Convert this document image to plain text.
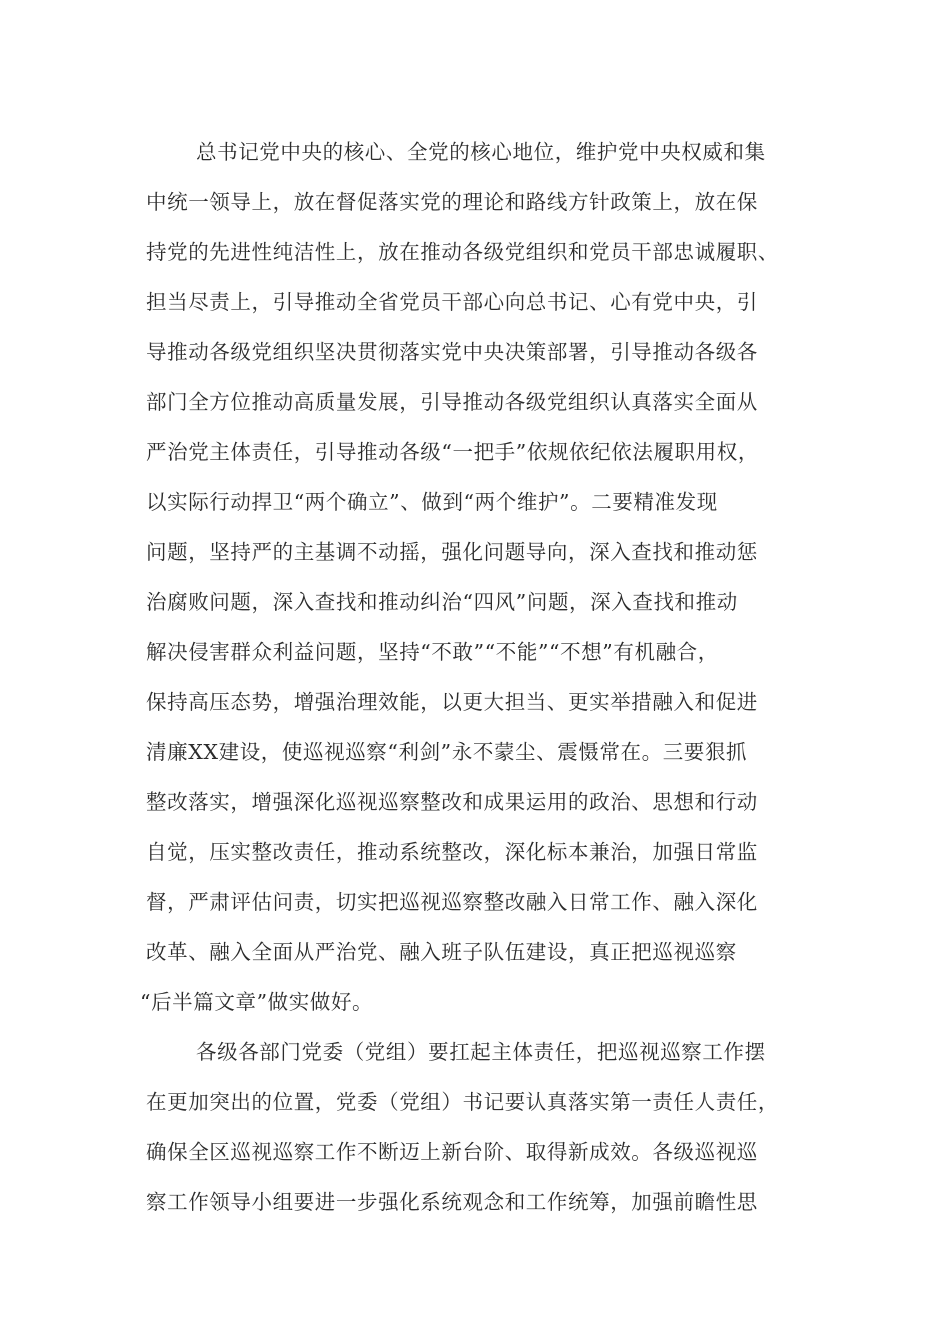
总书记党中央的核心、全党的核心地位，维护党中央权威和集
中统一领导上，放在督促落实党的理论和路线方针政策上，放在保
持党的先进性纯洁性上，放在推动各级党组织和党员干部忠诚履职、
担当尽责上，引导推动全省党员干部心向总书记、心有党中央，引
导推动各级党组织坚决贯彻落实党中央决策部署，引导推动各级各
部门全方位推动高质量发展，引导推动各级党组织认真落实全面从
严治党主体责任，引导推动各级“一把手”依规依纪依法履职用权，
以实际行动捍卫“两个确立”、做到“两个维护”。二要精准发现
问题，坚持严的主基调不动摇，强化问题导向，深入查找和推动惩
治腐败问题，深入查找和推动纠治“四风”问题，深入查找和推动
解决侵害群众利益问题，坚持“不敢”“不能”“不想”有机融合，
保持高压态势，增强治理效能，以更大担当、更实举措融入和促进
清廉XX建设，使巡视巡察“利剑”永不蒙尘、震慑常在。三要狠抓
整改落实，增强深化巡视巡察整改和成果运用的政治、思想和行动
自觉，压实整改责任，推动系统整改，深化标本兼治，加强日常监
督，严肃评估问责，切实把巡视巡察整改融入日常工作、融入深化
改革、融入全面从严治党、融入班子队伍建设，真正把巡视巡察
“后半篇文章”做实做好。
各级各部门党委（党组）要扛起主体责任，把巡视巡察工作摆
在更加突出的位置，党委（党组）书记要认真落实第一责任人责任，
确保全区巡视巡察工作不断迈上新台阶、取得新成效。各级巡视巡
察工作领导小组要进一步强化系统观念和工作统筹，加强前瞻性思
